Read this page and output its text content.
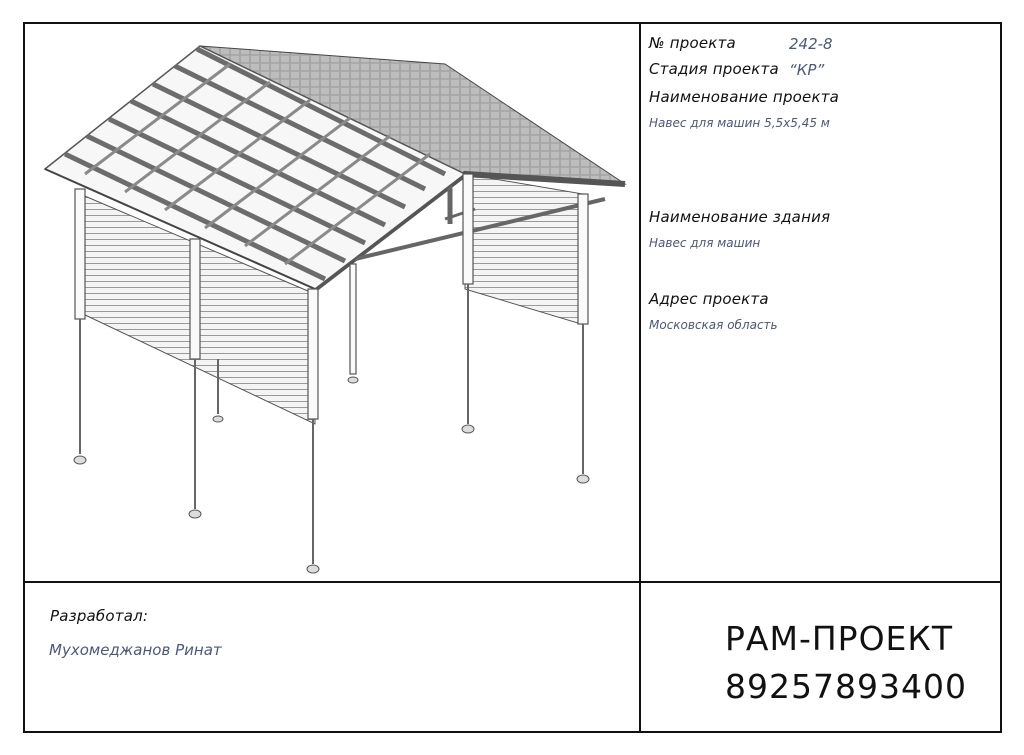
№ проекта	242-8
Стадия проекта “КР”
Наименование проекта
Навес для машин 5,5х5,45 м
Наименование здания
Навес для машин
Адрес проекта
Московская область
Разработал:
Мухомеджанов Ринат	РАМ-ПРОЕКТ
89257893400
